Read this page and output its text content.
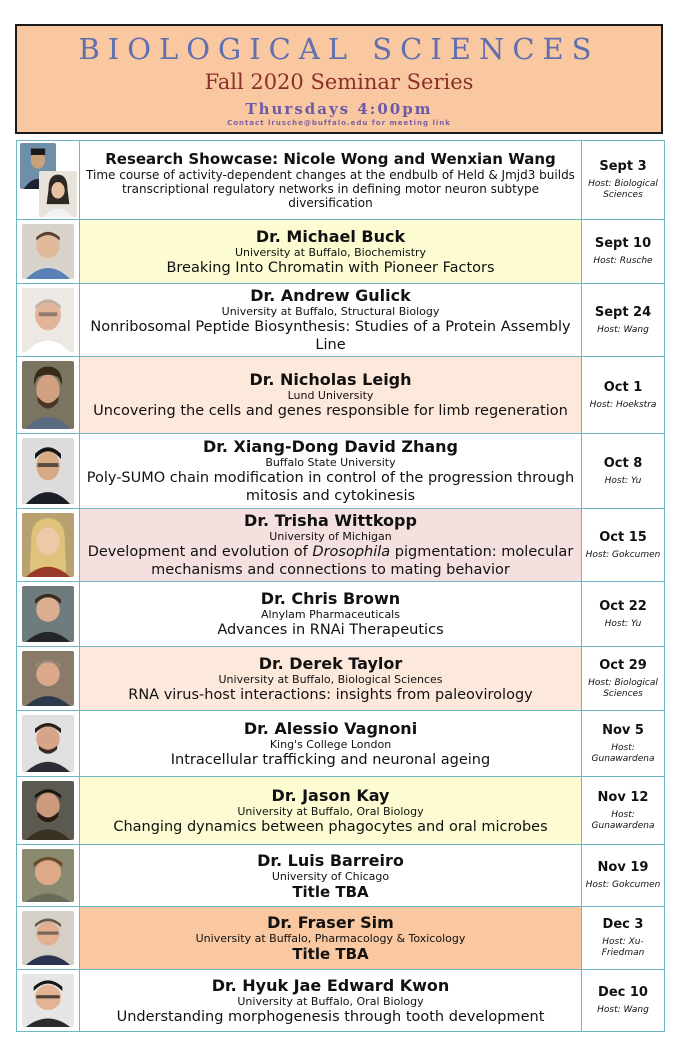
BIOLOGICAL SCIENCES
Fall 2020 Seminar Series
Thursdays 4:00pm
Contact lrusche@buffalo.edu for meeting link
Research Showcase: Nicole Wong and Wenxian Wang
Time course of activity-dependent changes at the endbulb of Held & Jmjd3 builds transcriptional regulatory networks in defining motor neuron subtype diversification
Sept 3
Host: Biological Sciences
Dr. Michael Buck
University at Buffalo, Biochemistry
Breaking Into Chromatin with Pioneer Factors
Sept 10
Host: Rusche
Dr. Andrew Gulick
University at Buffalo, Structural Biology
Nonribosomal Peptide Biosynthesis: Studies of a Protein Assembly Line
Sept 24
Host: Wang
Dr. Nicholas Leigh
Lund University
Uncovering the cells and genes responsible for limb regeneration
Oct 1
Host: Hoekstra
Dr. Xiang-Dong David Zhang
Buffalo State University
Poly-SUMO chain modification in control of the progression through mitosis and cytokinesis
Oct 8
Host: Yu
Dr. Trisha Wittkopp
University of Michigan
Development and evolution of Drosophila pigmentation: molecular mechanisms and connections to mating behavior
Oct 15
Host: Gokcumen
Dr. Chris Brown
Alnylam Pharmaceuticals
Advances in RNAi Therapeutics
Oct 22
Host: Yu
Dr. Derek Taylor
University at Buffalo, Biological Sciences
RNA virus-host interactions: insights from paleovirology
Oct 29
Host: Biological Sciences
Dr. Alessio Vagnoni
King's College London
Intracellular trafficking and neuronal ageing
Nov 5
Host: Gunawardena
Dr. Jason Kay
University at Buffalo, Oral Biology
Changing dynamics between phagocytes and oral microbes
Nov 12
Host: Gunawardena
Dr. Luis Barreiro
University of Chicago
Title TBA
Nov 19
Host: Gokcumen
Dr. Fraser Sim
University at Buffalo, Pharmacology & Toxicology
Title TBA
Dec 3
Host: Xu-Friedman
Dr. Hyuk Jae Edward Kwon
University at Buffalo, Oral Biology
Understanding morphogenesis through tooth development
Dec 10
Host: Wang
